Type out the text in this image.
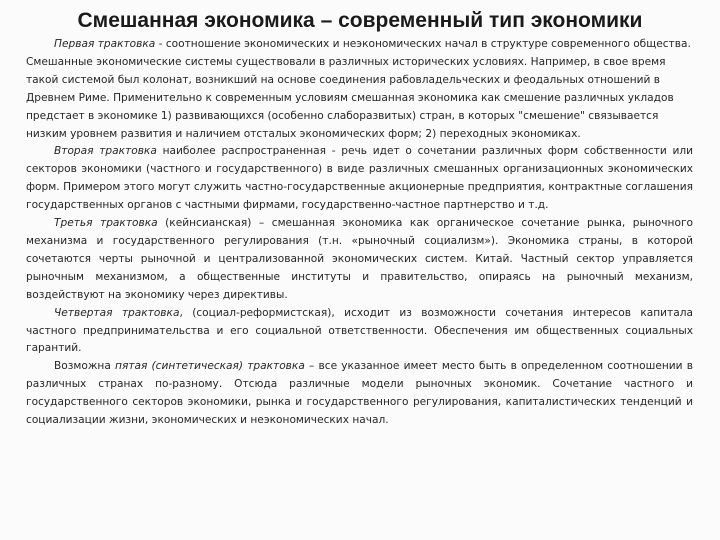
Смешанная экономика – современный тип экономики

Первая трактовка - соотношение экономических и неэкономических начал в структуре современного общества. Смешанные экономические системы существовали в различных исторических условиях. Например, в свое время такой системой был колонат, возникший на основе соединения рабовладельческих и феодальных отношений в Древнем Риме. Применительно к современным условиям смешанная экономика как смешение различных укладов предстает в экономике 1) развивающихся (особенно слаборазвитых) стран, в которых "смешение" связывается низким уровнем развития и наличием отсталых экономических форм; 2) переходных экономиках.

Вторая трактовка наиболее распространенная - речь идет о сочетании различных форм собственности или секторов экономики (частного и государственного) в виде различных смешанных организационных экономических форм. Примером этого могут служить частно-государственные акционерные предприятия, контрактные соглашения государственных органов с частными фирмами, государственно-частное партнерство и т.д.

Третья трактовка (кейнсианская) – смешанная экономика как органическое сочетание рынка, рыночного механизма и государственного регулирования (т.н. «рыночный социализм»). Экономика страны, в которой сочетаются черты рыночной и централизованной экономических систем. Китай. Частный сектор управляется рыночным механизмом, а общественные институты и правительство, опираясь на рыночный механизм, воздействуют на экономику через директивы.

Четвертая трактовка, (социал-реформистская), исходит из возможности сочетания интересов капитала частного предпринимательства и его социальной ответственности. Обеспечения им общественных социальных гарантий.

Возможна пятая (синтетическая) трактовка – все указанное имеет место быть в определенном соотношении в различных странах по-разному. Отсюда различные модели рыночных экономик. Сочетание частного и государственного секторов экономики, рынка и государственного регулирования, капиталистических тенденций и социализации жизни, экономических и неэкономических начал.
